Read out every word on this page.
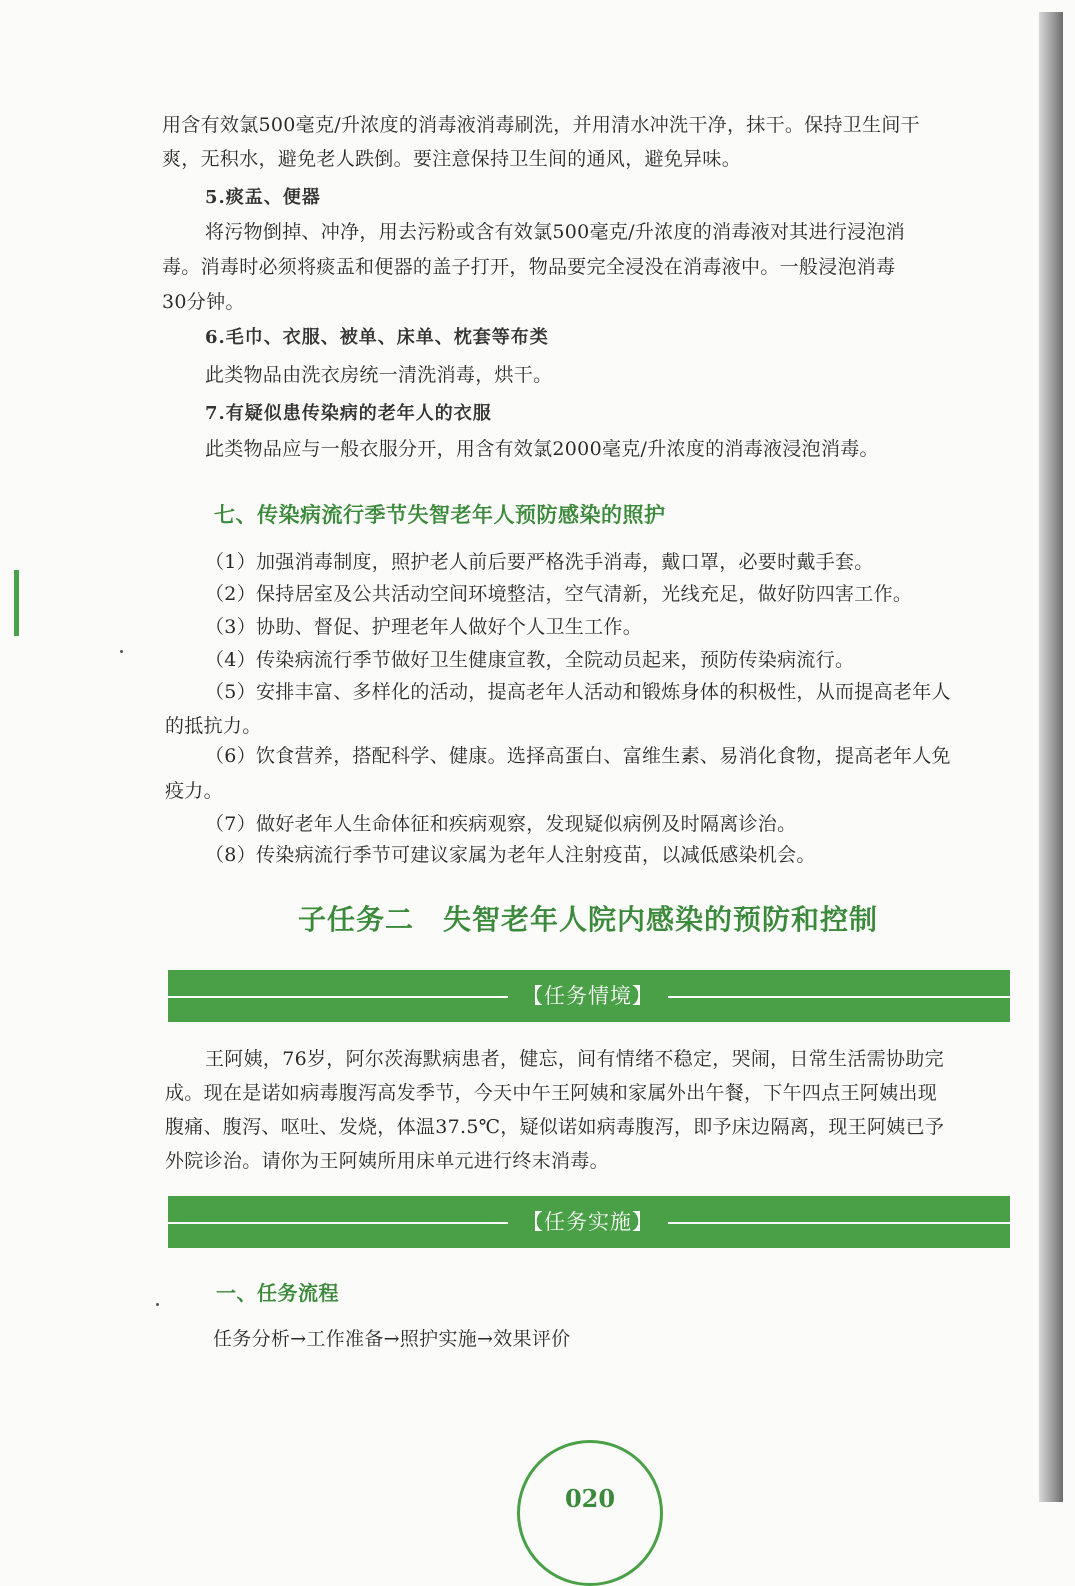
用含有效氯500毫克/升浓度的消毒液消毒刷洗，并用清水冲洗干净，抹干。保持卫生间干
爽，无积水，避免老人跌倒。要注意保持卫生间的通风，避免异味。
5.痰盂、便器
将污物倒掉、冲净，用去污粉或含有效氯500毫克/升浓度的消毒液对其进行浸泡消
毒。消毒时必须将痰盂和便器的盖子打开，物品要完全浸没在消毒液中。一般浸泡消毒
30分钟。
6.毛巾、衣服、被单、床单、枕套等布类
此类物品由洗衣房统一清洗消毒，烘干。
7.有疑似患传染病的老年人的衣服
此类物品应与一般衣服分开，用含有效氯2000毫克/升浓度的消毒液浸泡消毒。
七、传染病流行季节失智老年人预防感染的照护
（1）加强消毒制度，照护老人前后要严格洗手消毒，戴口罩，必要时戴手套。
（2）保持居室及公共活动空间环境整洁，空气清新，光线充足，做好防四害工作。
（3）协助、督促、护理老年人做好个人卫生工作。
（4）传染病流行季节做好卫生健康宣教，全院动员起来，预防传染病流行。
（5）安排丰富、多样化的活动，提高老年人活动和锻炼身体的积极性，从而提高老年人
的抵抗力。
（6）饮食营养，搭配科学、健康。选择高蛋白、富维生素、易消化食物，提高老年人免
疫力。
（7）做好老年人生命体征和疾病观察，发现疑似病例及时隔离诊治。
（8）传染病流行季节可建议家属为老年人注射疫苗，以减低感染机会。
子任务二　失智老年人院内感染的预防和控制
【任务情境】
王阿姨，76岁，阿尔茨海默病患者，健忘，间有情绪不稳定，哭闹，日常生活需协助完
成。现在是诺如病毒腹泻高发季节，今天中午王阿姨和家属外出午餐，下午四点王阿姨出现
腹痛、腹泻、呕吐、发烧，体温37.5℃，疑似诺如病毒腹泻，即予床边隔离，现王阿姨已予
外院诊治。请你为王阿姨所用床单元进行终末消毒。
【任务实施】
一、任务流程
任务分析→工作准备→照护实施→效果评价
020
